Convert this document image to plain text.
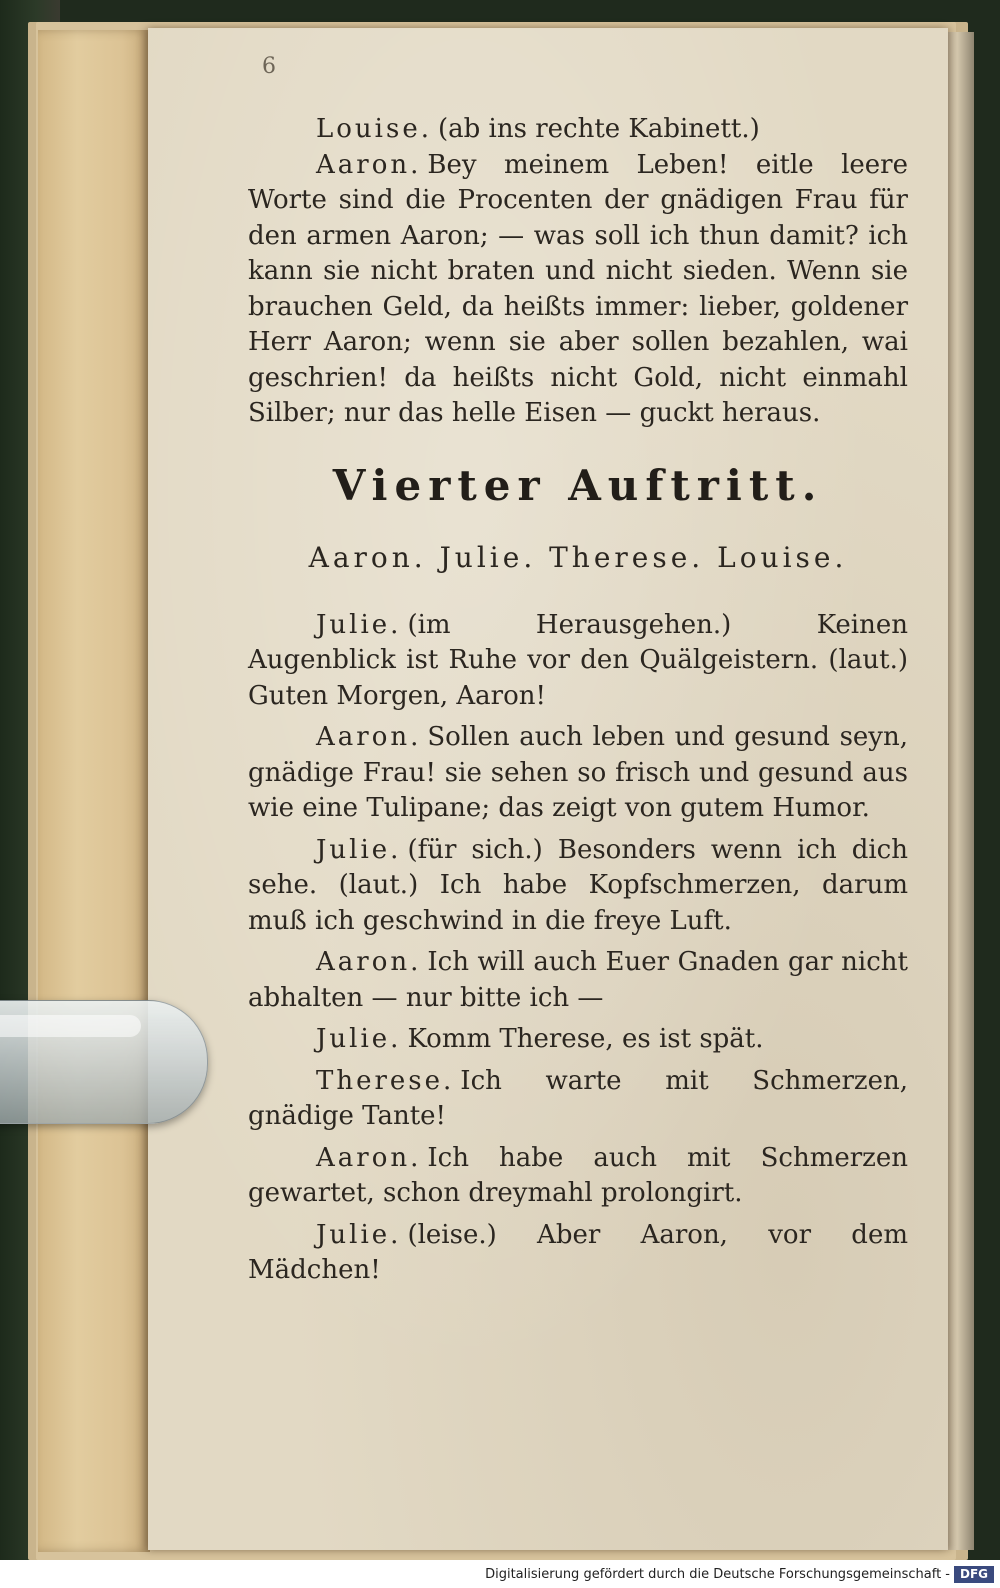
6
Louise. (ab ins rechte Kabinett.)
Aaron. Bey meinem Leben! eitle leere Worte sind die Procenten der gnädigen Frau für den armen Aaron; — was soll ich thun damit? ich kann sie nicht braten und nicht sieden. Wenn sie brauchen Geld, da heißts immer: lieber, goldener Herr Aaron; wenn sie aber sollen bezahlen, wai geschrien! da heißts nicht Gold, nicht einmahl Silber; nur das helle Eisen — guckt heraus.
Vierter Auftritt.
Aaron. Julie. Therese. Louise.
Julie. (im Herausgehen.) Keinen Augenblick ist Ruhe vor den Quälgeistern. (laut.) Guten Morgen, Aaron!
Aaron. Sollen auch leben und gesund seyn, gnädige Frau! sie sehen so frisch und gesund aus wie eine Tulipane; das zeigt von gutem Humor.
Julie. (für sich.) Besonders wenn ich dich sehe. (laut.) Ich habe Kopfschmerzen, darum muß ich geschwind in die freye Luft.
Aaron. Ich will auch Euer Gnaden gar nicht abhalten — nur bitte ich —
Julie. Komm Therese, es ist spät.
Therese. Ich warte mit Schmerzen, gnädige Tante!
Aaron. Ich habe auch mit Schmerzen gewartet, schon dreymahl prolongirt.
Julie. (leise.) Aber Aaron, vor dem Mädchen!
Digitalisierung gefördert durch die Deutsche Forschungsgemeinschaft - DFG
